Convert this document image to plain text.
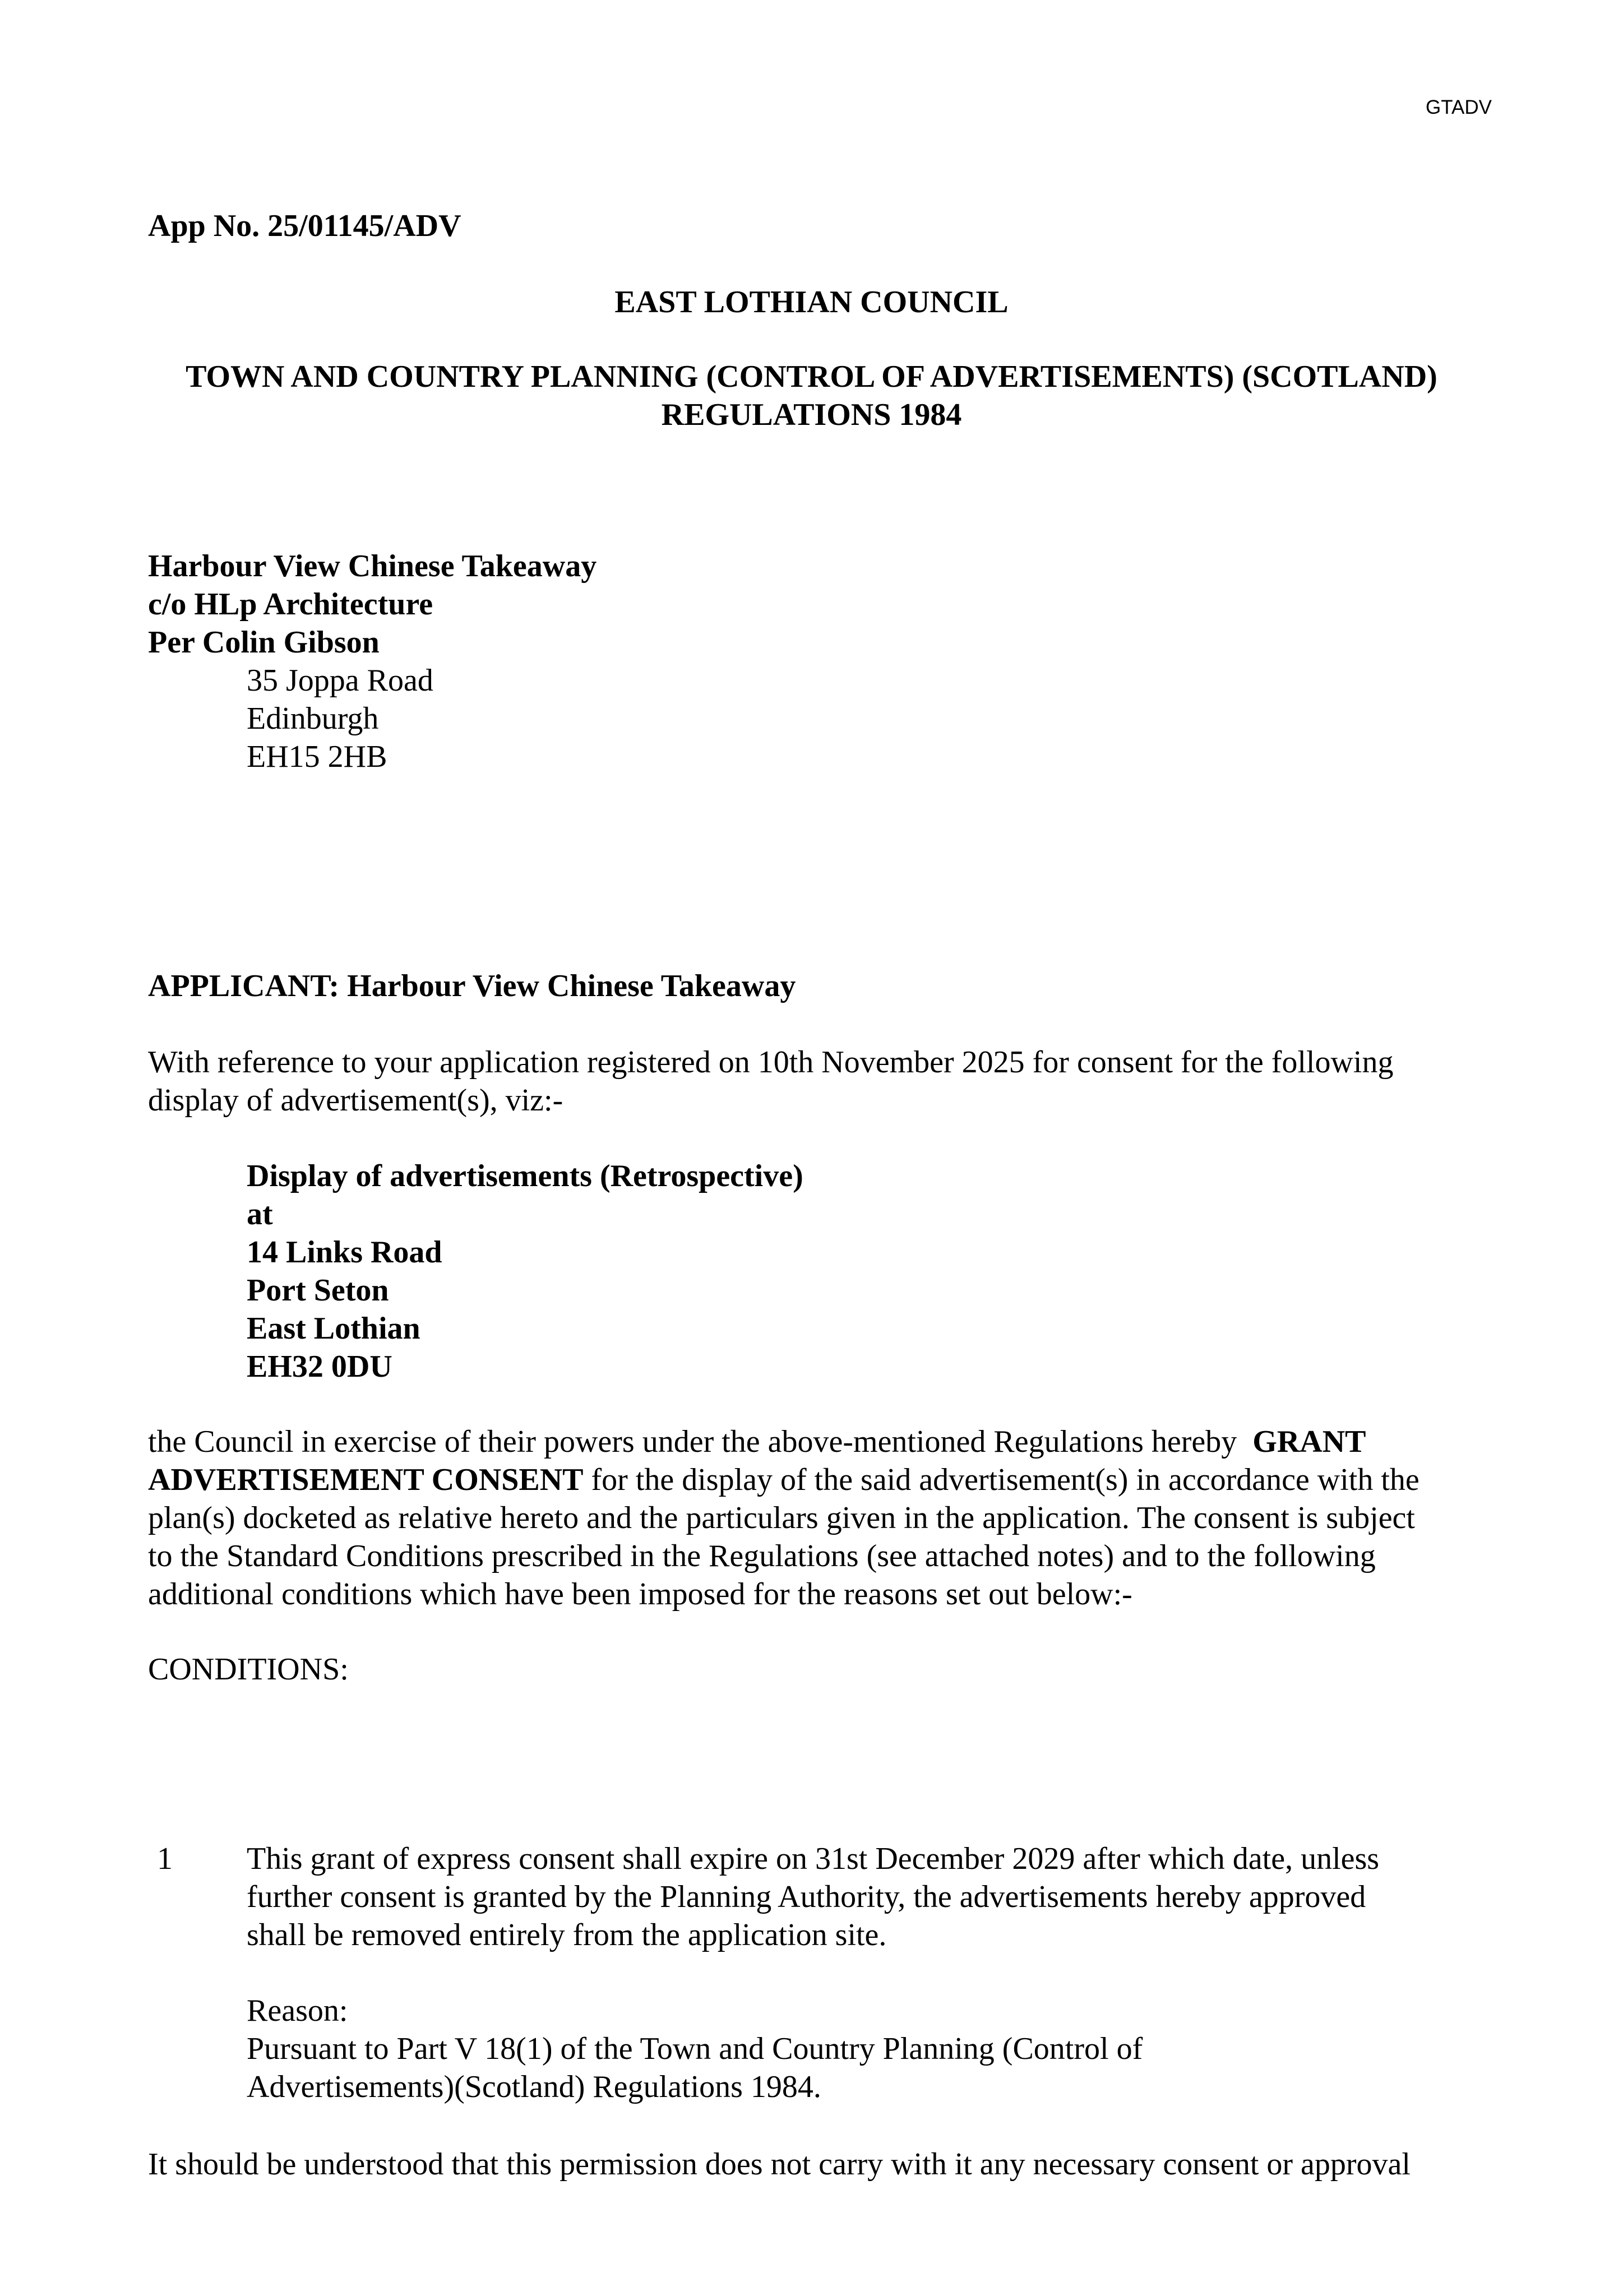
GTADV
App No. 25/01145/ADV
EAST LOTHIAN COUNCIL
TOWN AND COUNTRY PLANNING (CONTROL OF ADVERTISEMENTS) (SCOTLAND)
REGULATIONS 1984
Harbour View Chinese Takeaway
c/o HLp Architecture
Per Colin Gibson
35 Joppa Road
Edinburgh
EH15 2HB
APPLICANT: Harbour View Chinese Takeaway
With reference to your application registered on 10th November 2025 for consent for the following
display of advertisement(s), viz:-
Display of advertisements (Retrospective)
at
14 Links Road
Port Seton
East Lothian
EH32 0DU
the Council in exercise of their powers under the above-mentioned Regulations hereby GRANT
ADVERTISEMENT CONSENT for the display of the said advertisement(s) in accordance with the
plan(s) docketed as relative hereto and the particulars given in the application. The consent is subject
to the Standard Conditions prescribed in the Regulations (see attached notes) and to the following
additional conditions which have been imposed for the reasons set out below:-
CONDITIONS:
1 This grant of express consent shall expire on 31st December 2029 after which date, unless
further consent is granted by the Planning Authority, the advertisements hereby approved
shall be removed entirely from the application site.
Reason:
Pursuant to Part V 18(1) of the Town and Country Planning (Control of
Advertisements)(Scotland) Regulations 1984.
It should be understood that this permission does not carry with it any necessary consent or approval
